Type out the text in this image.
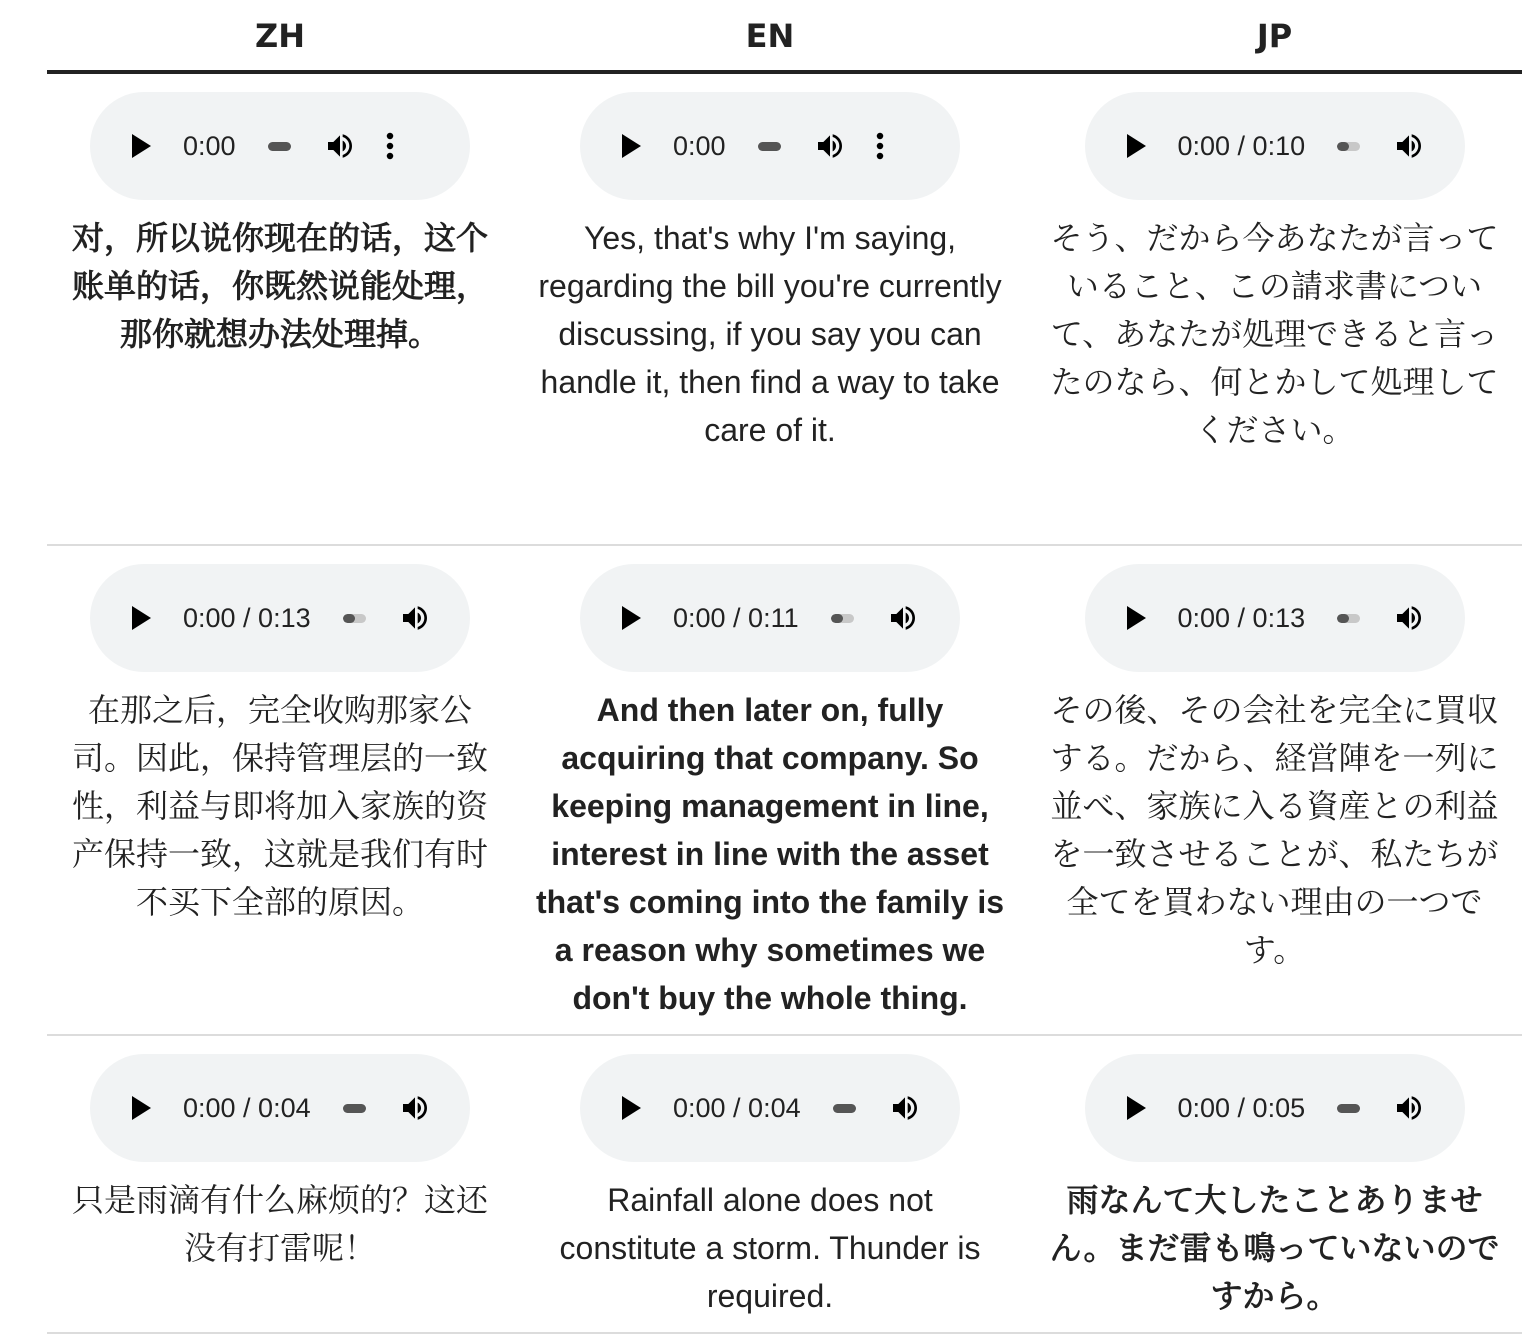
ZH	EN	JP
0:00
对，所以说你现在的话，这个账单的话，你既然说能处理，那你就想办法处理掉。
0:00
Yes, that's why I'm saying, regarding the bill you're currently discussing, if you say you can handle it, then find a way to take care of it.
0:00 / 0:10
そう、だから今あなたが言っていること、この請求書について、あなたが処理できると言ったのなら、何とかして処理してください。
0:00 / 0:13
在那之后，完全收购那家公司。因此，保持管理层的一致性，利益与即将加入家族的资产保持一致，这就是我们有时不买下全部的原因。
0:00 / 0:11
And then later on, fully acquiring that company. So keeping management in line, interest in line with the asset that's coming into the family is a reason why sometimes we don't buy the whole thing.
0:00 / 0:13
その後、その会社を完全に買収する。だから、経営陣を一列に並べ、家族に入る資産との利益を一致させることが、私たちが全てを買わない理由の一つです。
0:00 / 0:04
只是雨滴有什么麻烦的？这还没有打雷呢！
0:00 / 0:04
Rainfall alone does not constitute a storm. Thunder is required.
0:00 / 0:05
雨なんて大したことありません。まだ雷も鳴っていないのですから。
